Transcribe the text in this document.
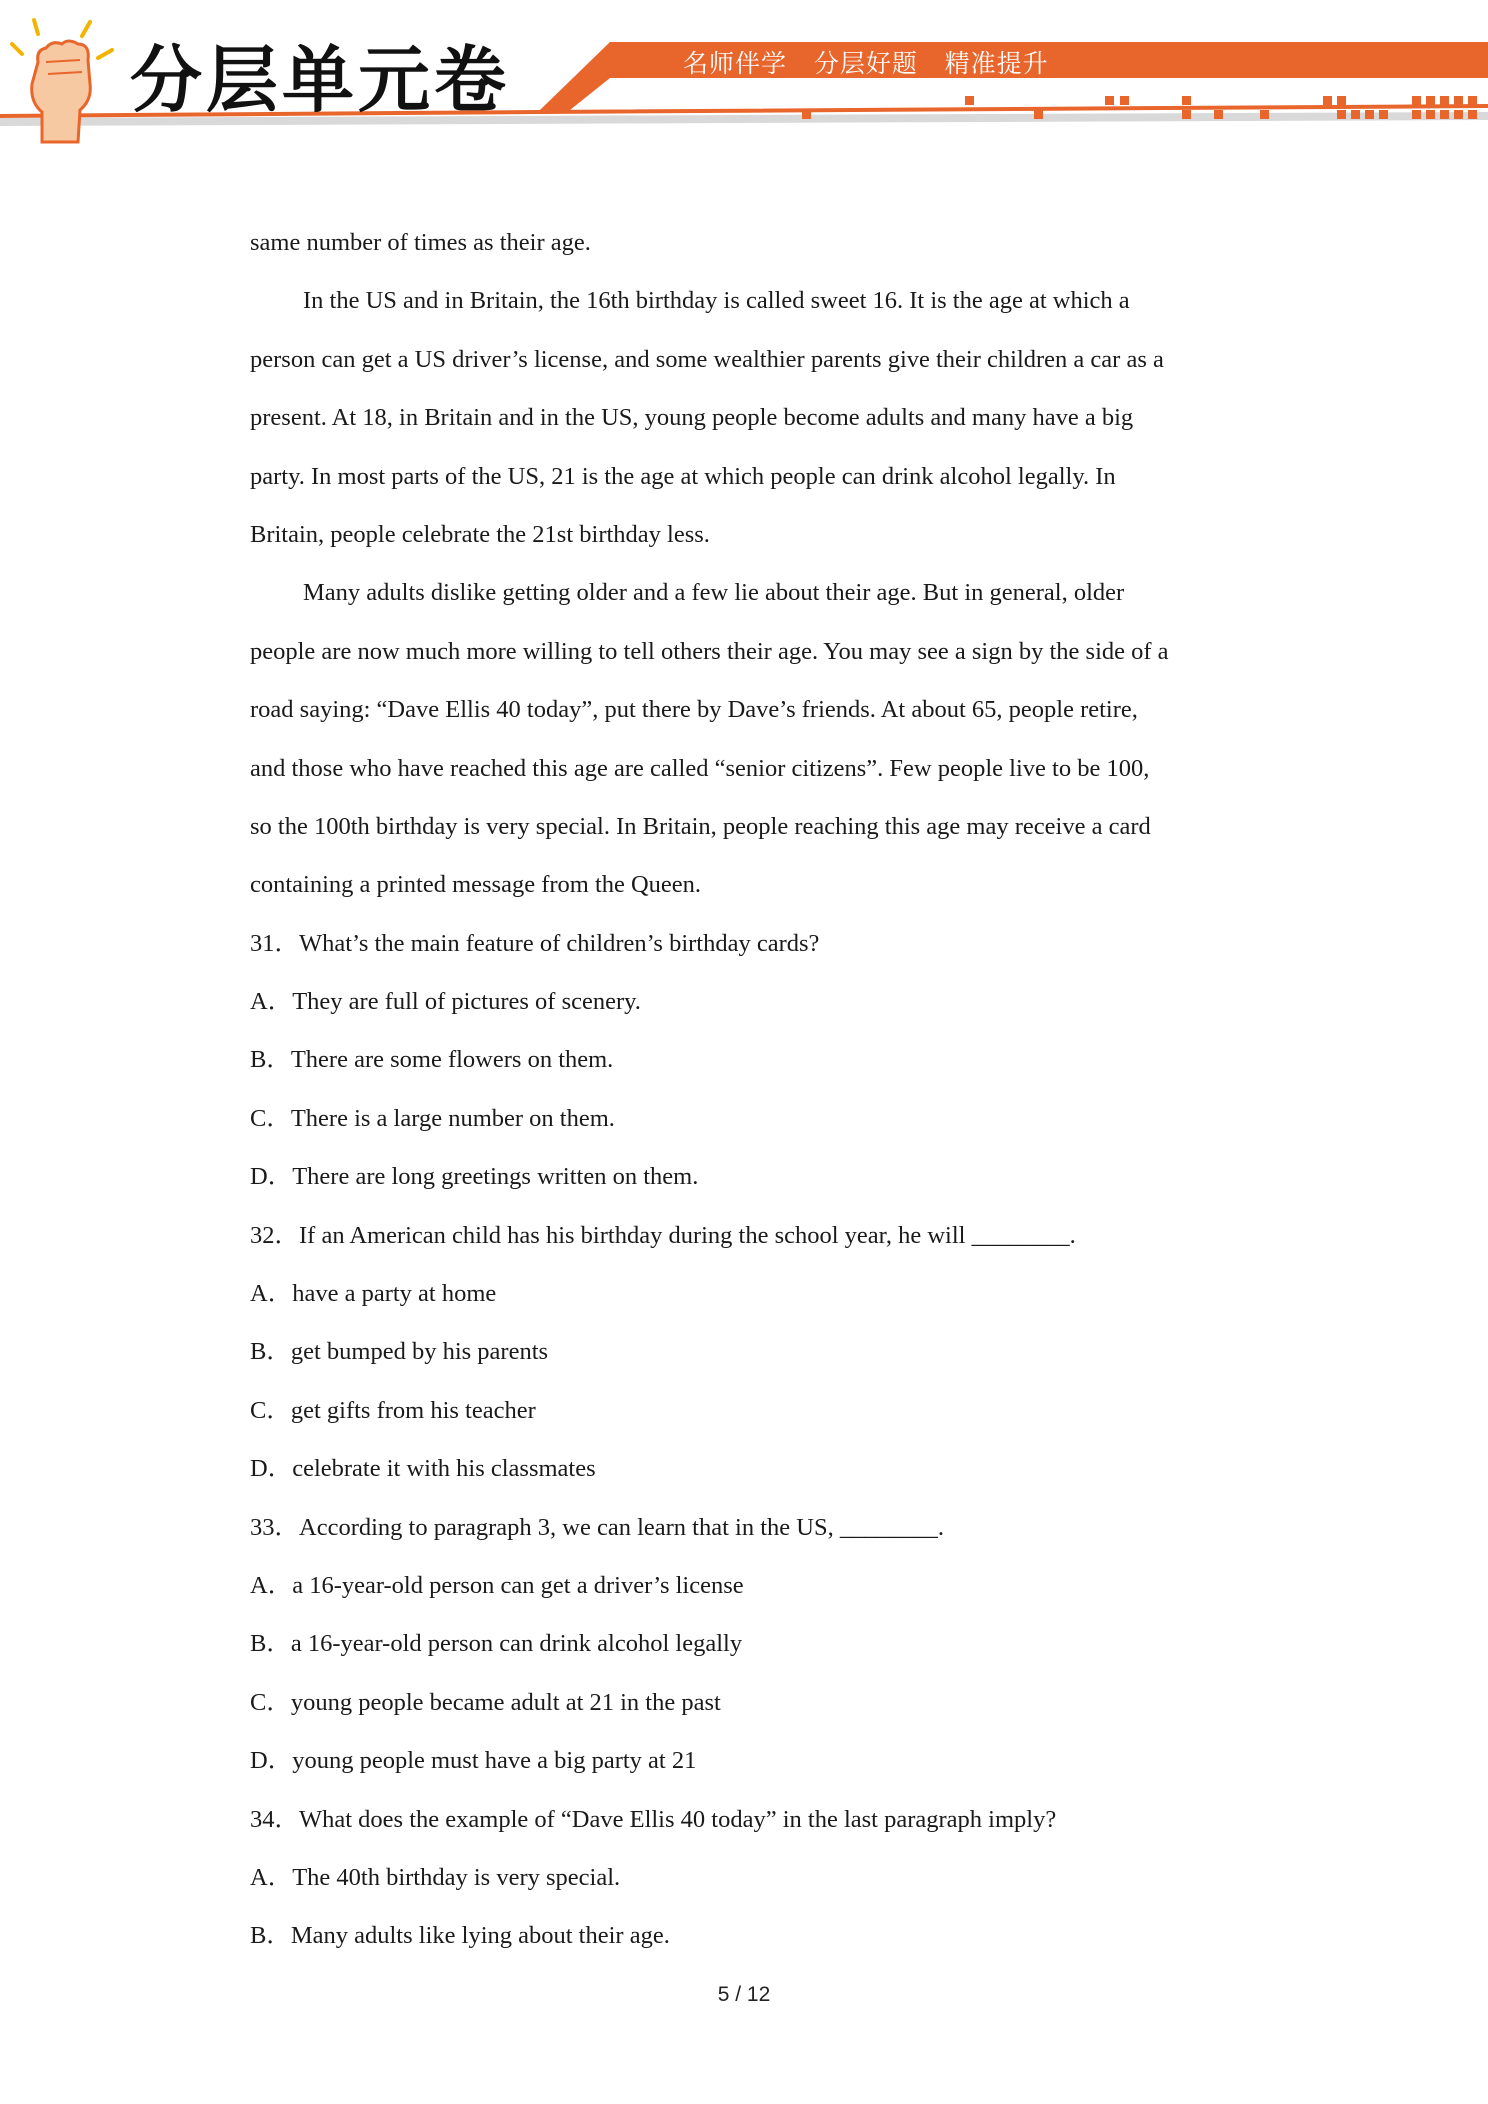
分层单元卷	名师伴学   分层好题   精准提升
same number of times as their age.
In the US and in Britain, the 16th birthday is called sweet 16. It is the age at which a
person can get a US driver’s license, and some wealthier parents give their children a car as a
present. At 18, in Britain and in the US, young people become adults and many have a big
party. In most parts of the US, 21 is the age at which people can drink alcohol legally. In
Britain, people celebrate the 21st birthday less.
Many adults dislike getting older and a few lie about their age. But in general, older
people are now much more willing to tell others their age. You may see a sign by the side of a
road saying: “Dave Ellis 40 today”, put there by Dave’s friends. At about 65, people retire,
and those who have reached this age are called “senior citizens”. Few people live to be 100,
so the 100th birthday is very special. In Britain, people reaching this age may receive a card
containing a printed message from the Queen.
31．What’s the main feature of children’s birthday cards?
A．They are full of pictures of scenery.
B．There are some flowers on them.
C．There is a large number on them.
D．There are long greetings written on them.
32．If an American child has his birthday during the school year, he will ________.
A．have a party at home
B．get bumped by his parents
C．get gifts from his teacher
D．celebrate it with his classmates
33．According to paragraph 3, we can learn that in the US, ________.
A．a 16-year-old person can get a driver’s license
B．a 16-year-old person can drink alcohol legally
C．young people became adult at 21 in the past
D．young people must have a big party at 21
34．What does the example of “Dave Ellis 40 today” in the last paragraph imply?
A．The 40th birthday is very special.
B．Many adults like lying about their age.
5 / 12
